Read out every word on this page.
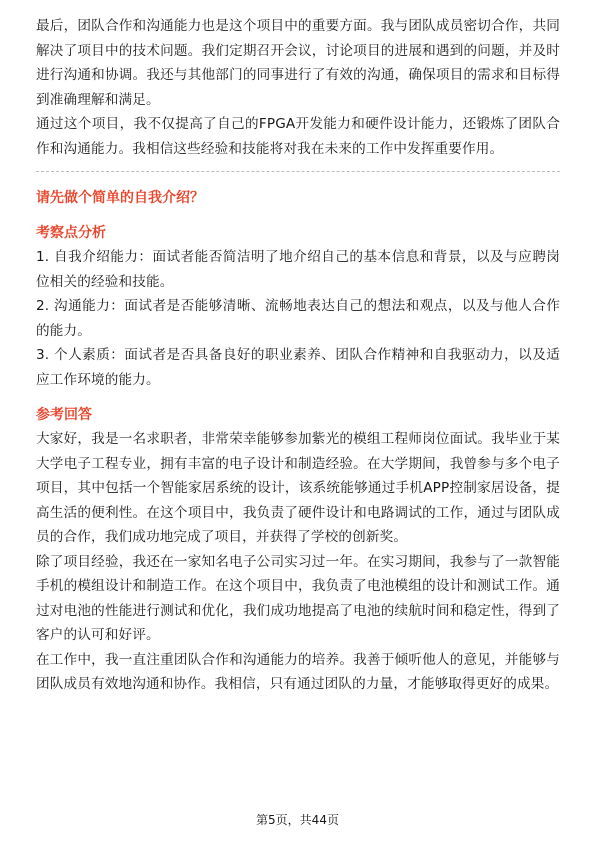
最后，团队合作和沟通能力也是这个项目中的重要方面。我与团队成员密切合作，共同解决了项目中的技术问题。我们定期召开会议，讨论项目的进展和遇到的问题，并及时进行沟通和协调。我还与其他部门的同事进行了有效的沟通，确保项目的需求和目标得到准确理解和满足。

通过这个项目，我不仅提高了自己的FPGA开发能力和硬件设计能力，还锻炼了团队合作和沟通能力。我相信这些经验和技能将对我在未来的工作中发挥重要作用。

请先做个简单的自我介绍？
考察点分析

1. 自我介绍能力：面试者能否简洁明了地介绍自己的基本信息和背景，以及与应聘岗位相关的经验和技能。

2. 沟通能力：面试者是否能够清晰、流畅地表达自己的想法和观点，以及与他人合作的能力。

3. 个人素质：面试者是否具备良好的职业素养、团队合作精神和自我驱动力，以及适应工作环境的能力。

参考回答

大家好，我是一名求职者，非常荣幸能够参加紫光的模组工程师岗位面试。我毕业于某大学电子工程专业，拥有丰富的电子设计和制造经验。在大学期间，我曾参与多个电子项目，其中包括一个智能家居系统的设计，该系统能够通过手机APP控制家居设备，提高生活的便利性。在这个项目中，我负责了硬件设计和电路调试的工作，通过与团队成员的合作，我们成功地完成了项目，并获得了学校的创新奖。

除了项目经验，我还在一家知名电子公司实习过一年。在实习期间，我参与了一款智能手机的模组设计和制造工作。在这个项目中，我负责了电池模组的设计和测试工作。通过对电池的性能进行测试和优化，我们成功地提高了电池的续航时间和稳定性，得到了客户的认可和好评。

在工作中，我一直注重团队合作和沟通能力的培养。我善于倾听他人的意见，并能够与团队成员有效地沟通和协作。我相信，只有通过团队的力量，才能够取得更好的成果。

第5页，共44页
